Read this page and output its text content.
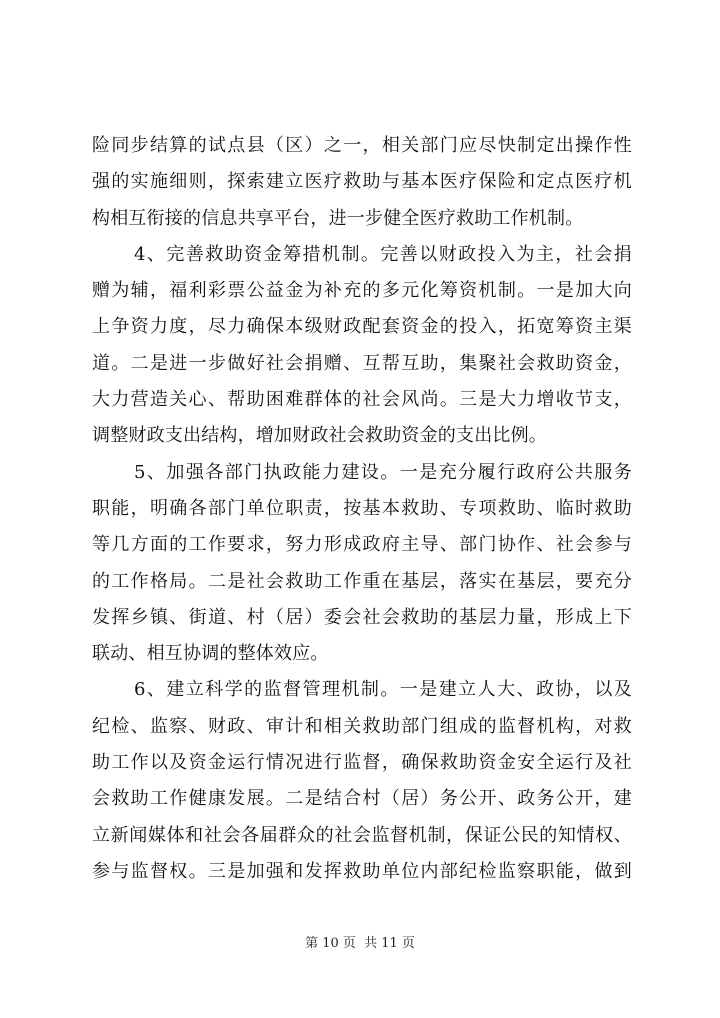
险同步结算的试点县（区）之一，相关部门应尽快制定出操作性
强的实施细则，探索建立医疗救助与基本医疗保险和定点医疗机
构相互衔接的信息共享平台，进一步健全医疗救助工作机制。
4、完善救助资金筹措机制。完善以财政投入为主，社会捐
赠为辅，福利彩票公益金为补充的多元化筹资机制。一是加大向
上争资力度，尽力确保本级财政配套资金的投入，拓宽筹资主渠
道。二是进一步做好社会捐赠、互帮互助，集聚社会救助资金，
大力营造关心、帮助困难群体的社会风尚。三是大力增收节支，
调整财政支出结构，增加财政社会救助资金的支出比例。
5、加强各部门执政能力建设。一是充分履行政府公共服务
职能，明确各部门单位职责，按基本救助、专项救助、临时救助
等几方面的工作要求，努力形成政府主导、部门协作、社会参与
的工作格局。二是社会救助工作重在基层，落实在基层，要充分
发挥乡镇、街道、村（居）委会社会救助的基层力量，形成上下
联动、相互协调的整体效应。
6、建立科学的监督管理机制。一是建立人大、政协，以及
纪检、监察、财政、审计和相关救助部门组成的监督机构，对救
助工作以及资金运行情况进行监督，确保救助资金安全运行及社
会救助工作健康发展。二是结合村（居）务公开、政务公开，建
立新闻媒体和社会各届群众的社会监督机制，保证公民的知情权、
参与监督权。三是加强和发挥救助单位内部纪检监察职能，做到
第 10 页 共 11 页
